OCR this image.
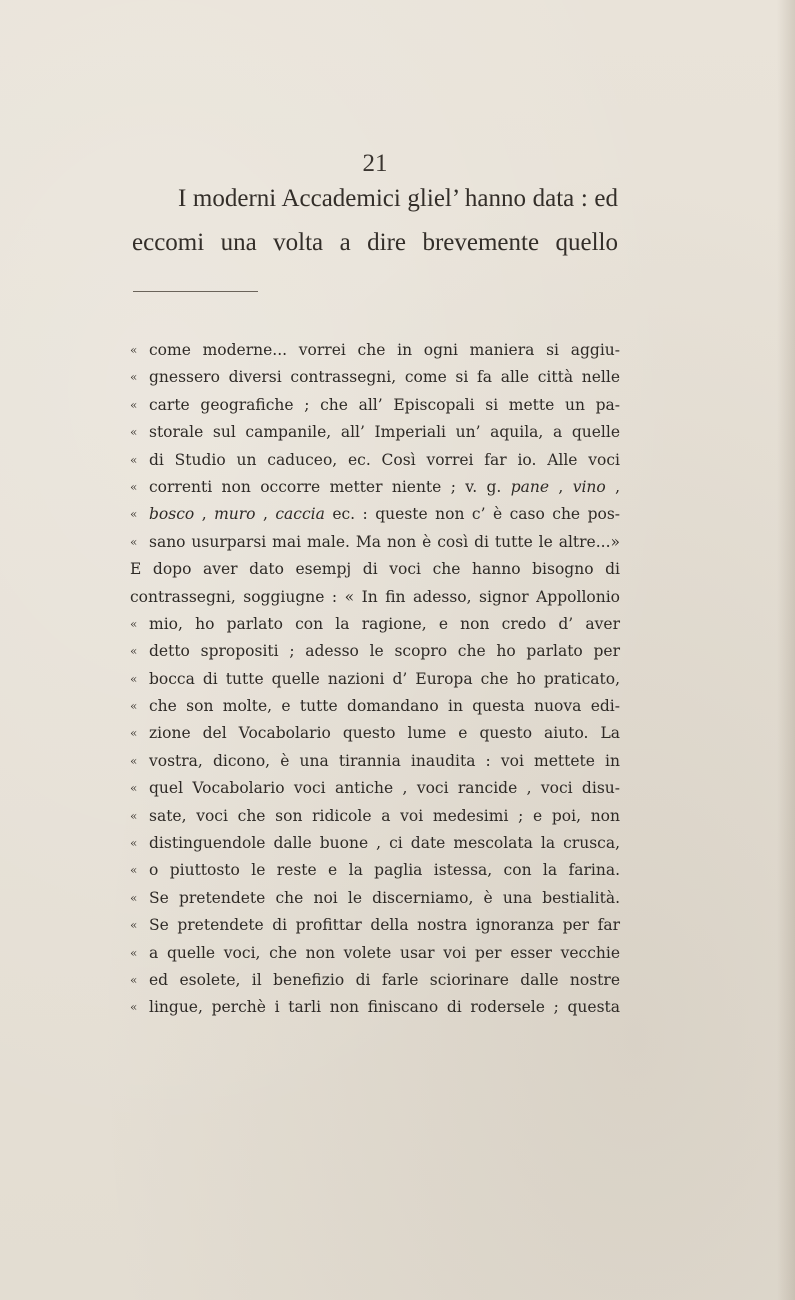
21
I moderni Accademici gliel’ hanno data : ed
eccomi una volta a dire brevemente quello
« come moderne... vorrei che in ogni maniera si aggiu-
« gnessero diversi contrassegni, come si fa alle città nelle
« carte geografiche ; che all’ Episcopali si mette un pa-
« storale sul campanile, all’ Imperiali un’ aquila, a quelle
« di Studio un caduceo, ec. Così vorrei far io. Alle voci
« correnti non occorre metter niente ; v. g. pane , vino ,
« bosco , muro , caccia ec. : queste non c’ è caso che pos-
« sano usurparsi mai male. Ma non è così di tutte le altre...»
E dopo aver dato esempj di voci che hanno bisogno di
contrassegni, soggiugne : « In fin adesso, signor Appollonio
« mio, ho parlato con la ragione, e non credo d’ aver
« detto spropositi ; adesso le scopro che ho parlato per
« bocca di tutte quelle nazioni d’ Europa che ho praticato,
« che son molte, e tutte domandano in questa nuova edi-
« zione del Vocabolario questo lume e questo aiuto. La
« vostra, dicono, è una tirannia inaudita : voi mettete in
« quel Vocabolario voci antiche , voci rancide , voci disu-
« sate, voci che son ridicole a voi medesimi ; e poi, non
« distinguendole dalle buone , ci date mescolata la crusca,
« o piuttosto le reste e la paglia istessa, con la farina.
« Se pretendete che noi le discerniamo, è una bestialità.
« Se pretendete di profittar della nostra ignoranza per far
« a quelle voci, che non volete usar voi per esser vecchie
« ed esolete, il benefizio di farle sciorinare dalle nostre
« lingue, perchè i tarli non finiscano di rodersele ; questa
